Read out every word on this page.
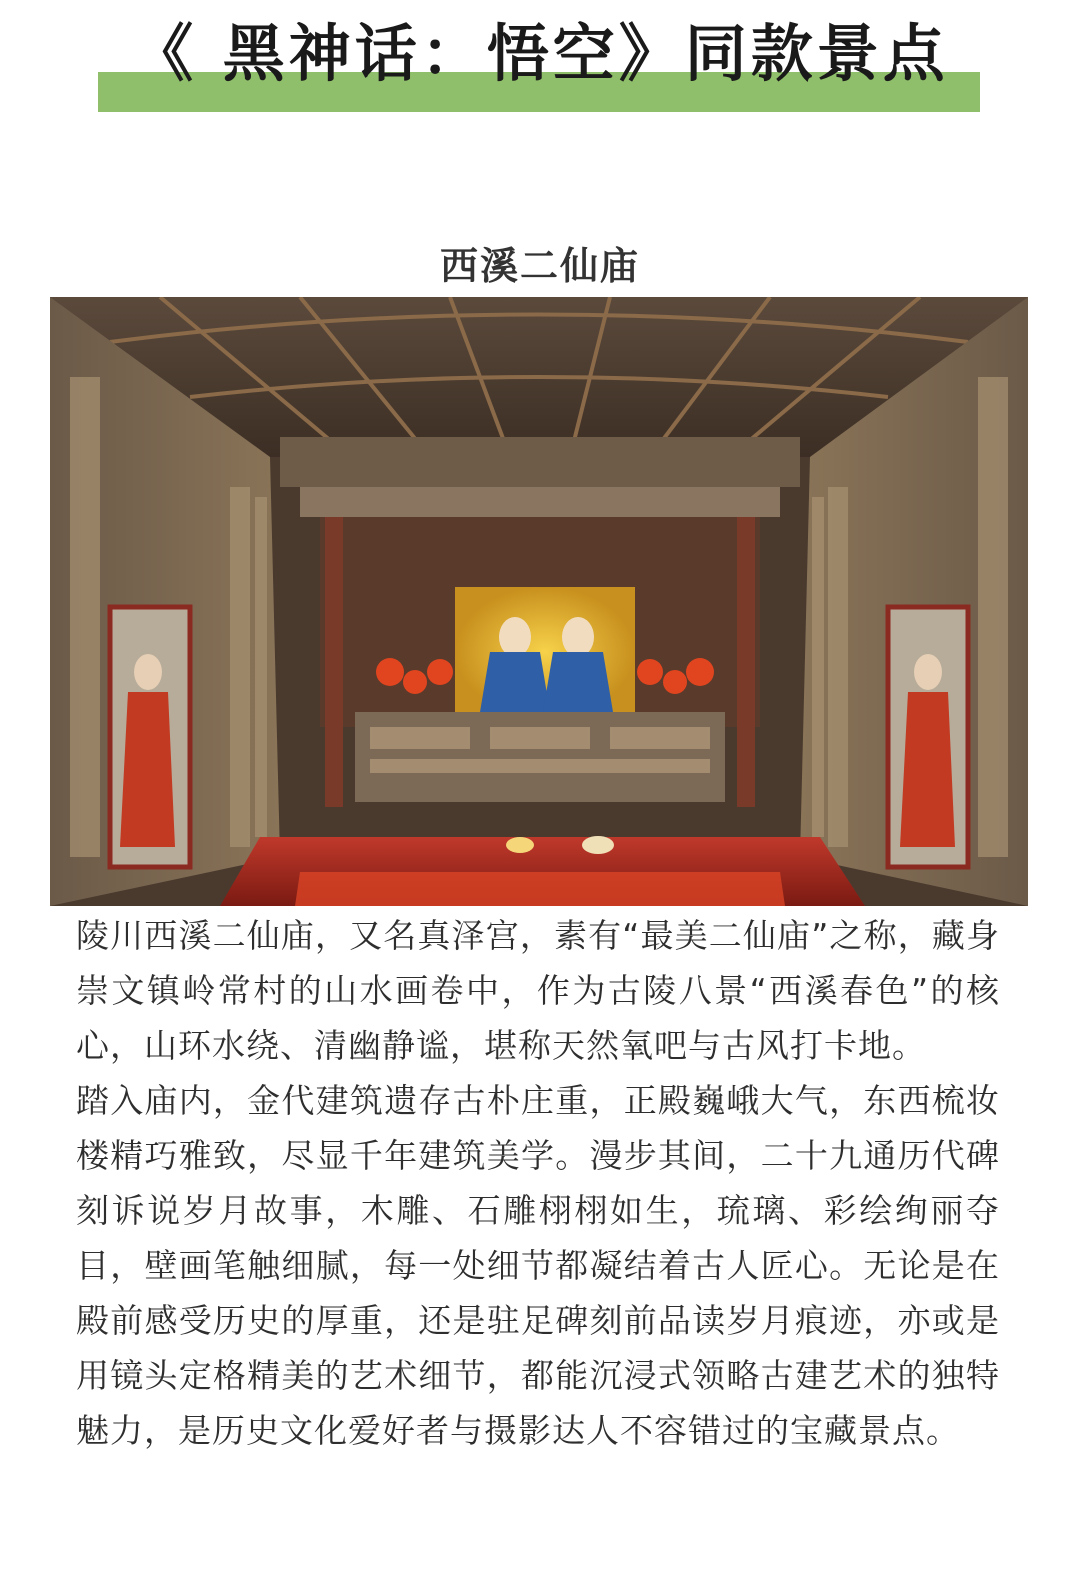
《 黑神话：悟空》同款景点
西溪二仙庙

陵川西溪二仙庙，又名真泽宫，素有“最美二仙庙”之称，藏身崇文镇岭常村的山水画卷中，作为古陵八景“西溪春色”的核心，山环水绕、清幽静谧，堪称天然氧吧与古风打卡地。

踏入庙内，金代建筑遗存古朴庄重，正殿巍峨大气，东西梳妆楼精巧雅致，尽显千年建筑美学。漫步其间，二十九通历代碑刻诉说岁月故事，木雕、石雕栩栩如生，琉璃、彩绘绚丽夺目，壁画笔触细腻，每一处细节都凝结着古人匠心。无论是在殿前感受历史的厚重，还是驻足碑刻前品读岁月痕迹，亦或是用镜头定格精美的艺术细节，都能沉浸式领略古建艺术的独特魅力，是历史文化爱好者与摄影达人不容错过的宝藏景点。
